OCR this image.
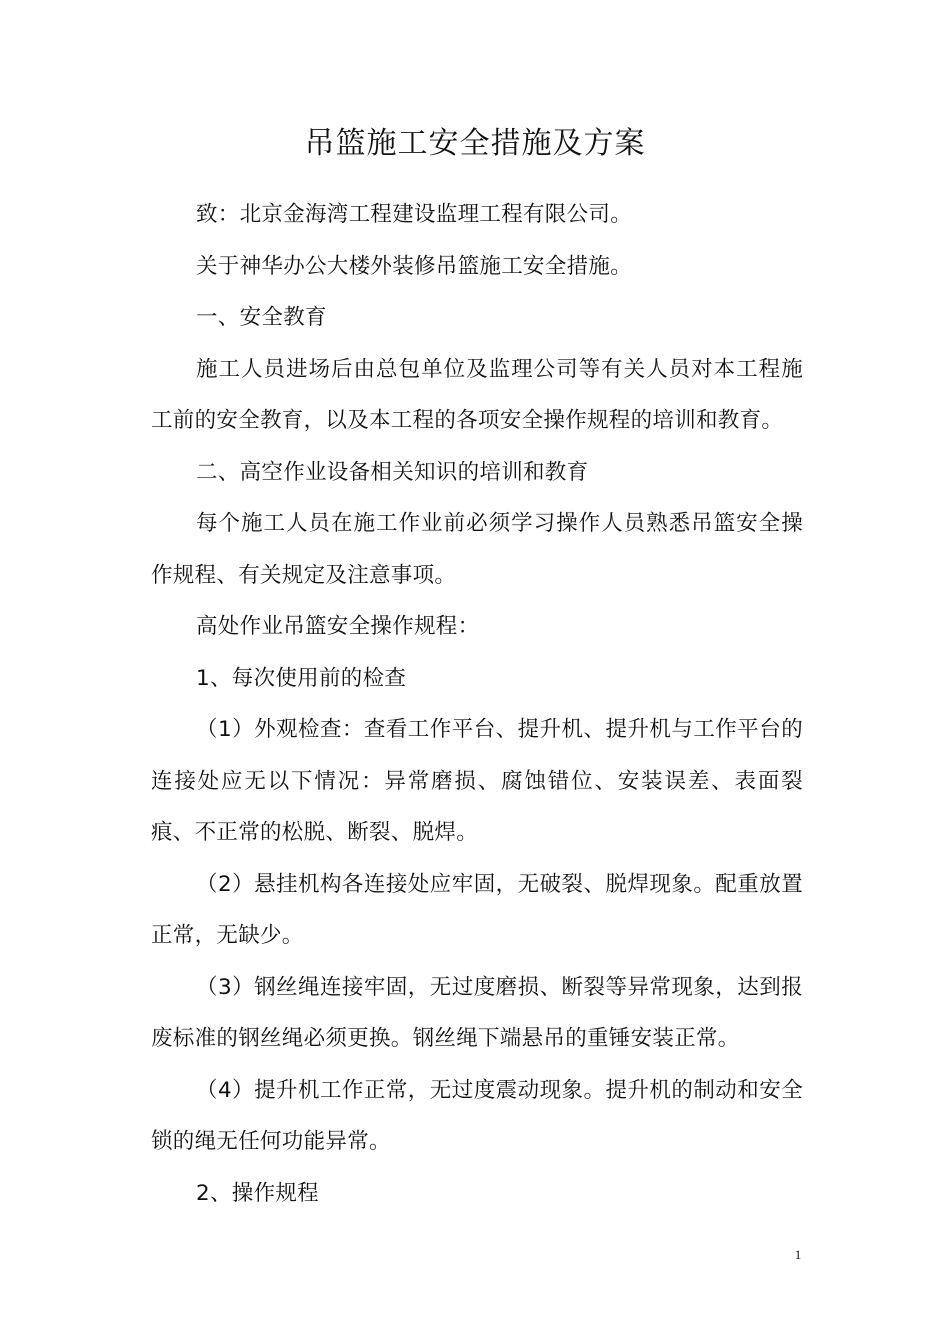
吊篮施工安全措施及方案

致：北京金海湾工程建设监理工程有限公司。

关于神华办公大楼外装修吊篮施工安全措施。

一、安全教育

施工人员进场后由总包单位及监理公司等有关人员对本工程施工前的安全教育，以及本工程的各项安全操作规程的培训和教育。

二、高空作业设备相关知识的培训和教育

每个施工人员在施工作业前必须学习操作人员熟悉吊篮安全操作规程、有关规定及注意事项。

高处作业吊篮安全操作规程：

1、每次使用前的检查

（1）外观检查：查看工作平台、提升机、提升机与工作平台的连接处应无以下情况：异常磨损、腐蚀错位、安装误差、表面裂痕、不正常的松脱、断裂、脱焊。

（2）悬挂机构各连接处应牢固，无破裂、脱焊现象。配重放置正常，无缺少。

（3）钢丝绳连接牢固，无过度磨损、断裂等异常现象，达到报废标准的钢丝绳必须更换。钢丝绳下端悬吊的重锤安装正常。

（4）提升机工作正常，无过度震动现象。提升机的制动和安全锁的绳无任何功能异常。

2、操作规程

1
